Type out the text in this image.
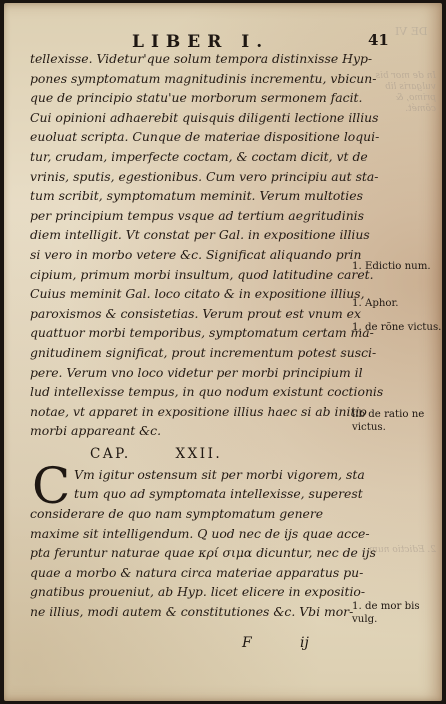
DE VI
In de mor bis vulgaris lib primo, & cõmét.
2. Edictio num.
LIBER I.	41
tellexisse. Videtur'que solum tempora distinxisse Hyp-
pones symptomatum magnitudinis incrementu, vbicun-
que de principio statu'ue morborum sermonem facit.
Cui opinioni adhaerebit quisquis diligenti lectione illius
euoluat scripta. Cunque de materiae dispositione loqui-
tur, crudam, imperfecte coctam, & coctam dicit, vt de
vrinis, sputis, egestionibus. Cum vero principiu aut sta-
tum scribit, symptomatum meminit. Verum multoties
per principium tempus vsque ad tertium aegritudinis
diem intelligit. Vt constat per Gal. in expositione illius
si vero in morbo vetere &c. Significat aliquando prin
cipium, primum morbi insultum, quod latitudine caret.
Cuius meminit Gal. loco citato & in expositione illius,
paroxismos & consistetias. Verum prout est vnum ex
quattuor morbi temporibus, symptomatum certam ma-
gnitudinem significat, prout incrementum potest susci-
pere. Verum vno loco videtur per morbi principium il
lud intellexisse tempus, in quo nodum existunt coctionis
notae, vt apparet in expositione illius haec si ab initio
morbi appareant &c.
CAP.	XXII.
C Vm igitur ostensum sit per morbi vigorem, sta
tum quo ad symptomata intellexisse, superest
considerare de quo nam symptomatum genere
maxime sit intelligendum. Q uod nec de ijs quae acce-
pta feruntur naturae quae κρί σιμα dicuntur, nec de ijs
quae a morbo & natura circa materiae apparatus pu-
gnatibus proueniut, ab Hyp. licet elicere in expositio-
ne illius, modi autem & constitutiones &c. Vbi mor-
1. Edictio num.
1. Aphor.
1. de rõne victus.
lib de ratio ne victus.
1. de mor bis vulg.
F	ij
